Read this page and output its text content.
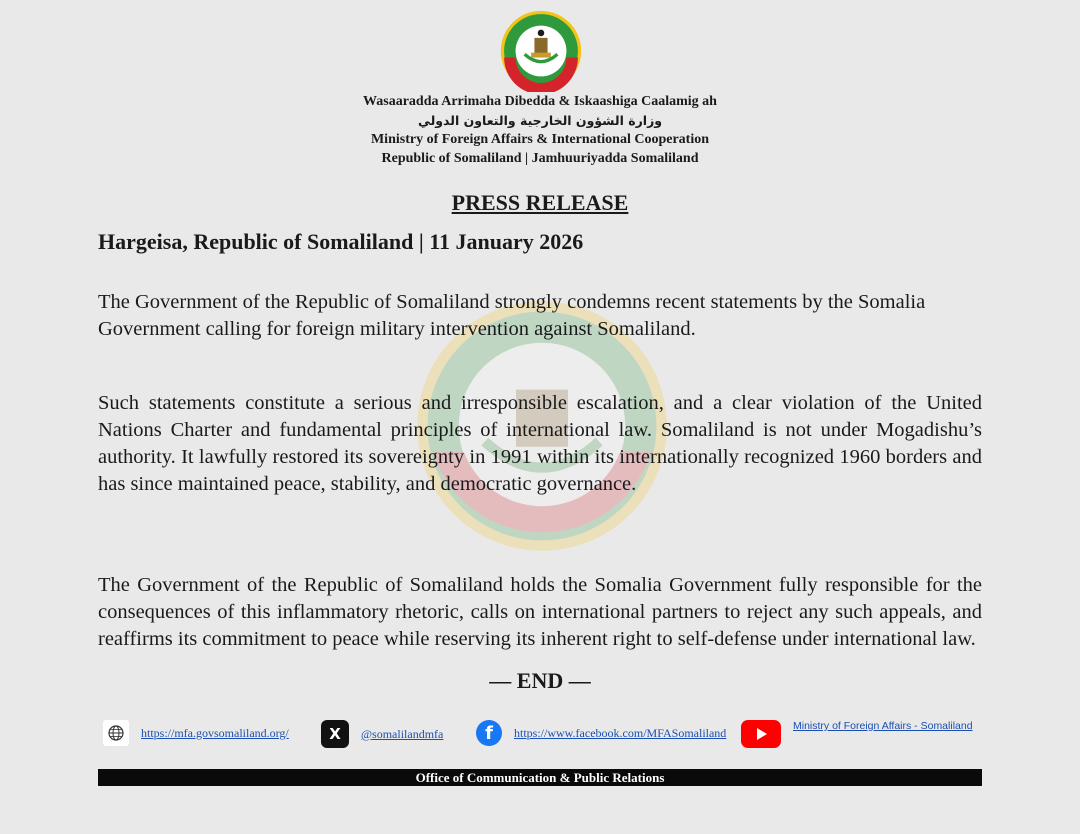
Wasaaradda Arrimaha Dibedda & Iskaashiga Caalamig ah
وزارة الشؤون الخارجية والتعاون الدولي
Ministry of Foreign Affairs & International Cooperation
Republic of Somaliland | Jamhuuriyadda Somaliland
PRESS RELEASE
Hargeisa, Republic of Somaliland | 11 January 2026

The Government of the Republic of Somaliland strongly condemns recent statements by the Somalia Government calling for foreign military intervention against Somaliland.

Such statements constitute a serious and irresponsible escalation, and a clear violation of the United Nations Charter and fundamental principles of international law. Somaliland is not under Mogadishu’s authority. It lawfully restored its sovereignty in 1991 within its internationally recognized 1960 borders and has since maintained peace, stability, and democratic governance.

The Government of the Republic of Somaliland holds the Somalia Government fully responsible for the consequences of this inflammatory rhetoric, calls on international partners to reject any such appeals, and reaffirms its commitment to peace while reserving its inherent right to self-defense under international law.

— END —
https://mfa.govsomaliland.org/	X	@somalilandmfa	f	https://www.facebook.com/MFASomaliland	Ministry of Foreign Affairs - Somaliland
Office of Communication & Public Relations
